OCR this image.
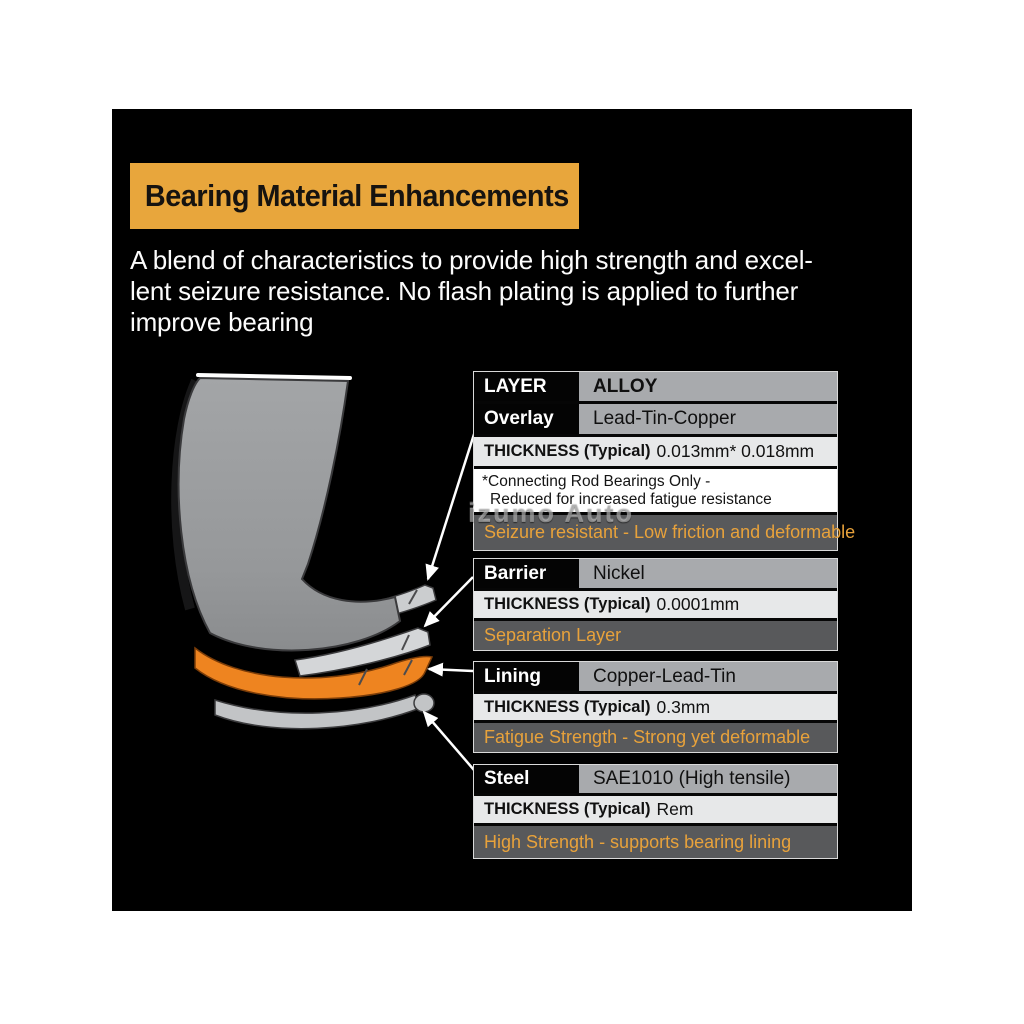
Bearing Material Enhancements
A blend of characteristics to provide high strength and excel-
lent seizure resistance. No flash plating is applied to further
improve bearing
LAYER	ALLOY
Overlay	Lead-Tin-Copper
THICKNESS (Typical) 0.013mm* 0.018mm
*Connecting Rod Bearings Only -
Reduced for increased fatigue resistance
Seizure resistant - Low friction and deformable
Barrier	Nickel
THICKNESS (Typical) 0.0001mm
Separation Layer
Lining	Copper-Lead-Tin
THICKNESS (Typical) 0.3mm
Fatigue Strength - Strong yet deformable
Steel	SAE1010 (High tensile)
THICKNESS (Typical) Rem
High Strength - supports bearing lining
izumo Auto
